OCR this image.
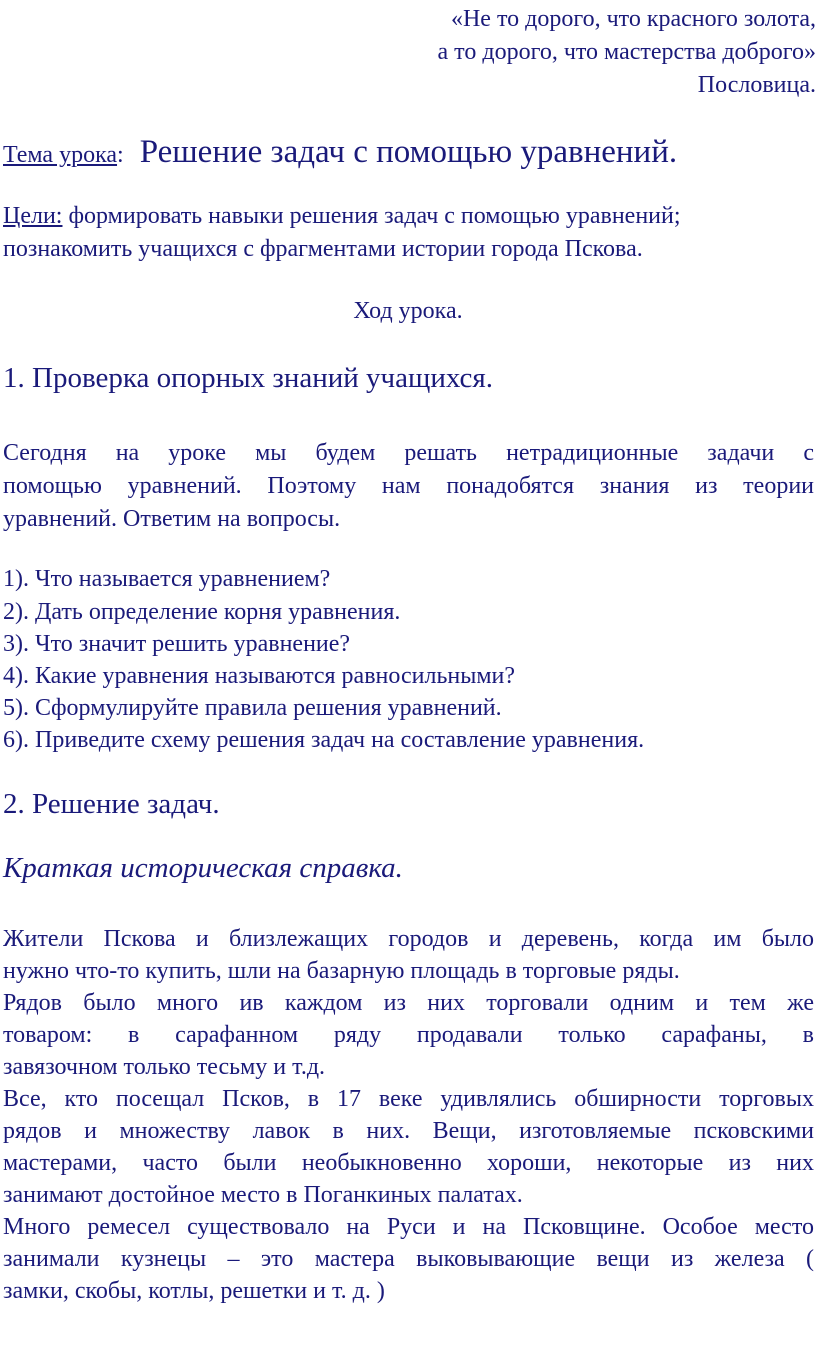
«Не то дорого, что красного золота,
а то дорого, что мастерства доброго»
Пословица.
Тема урока: Решение задач с помощью уравнений.
Цели: формировать навыки решения задач с помощью уравнений;
познакомить учащихся с фрагментами истории города Пскова.
Ход урока.
1. Проверка опорных знаний учащихся.
Сегодня на уроке мы будем решать нетрадиционные задачи с
помощью уравнений. Поэтому нам понадобятся знания из теории
уравнений. Ответим на вопросы.
1). Что называется уравнением?
2). Дать определение корня уравнения.
3). Что значит решить уравнение?
4). Какие уравнения называются равносильными?
5). Сформулируйте правила решения уравнений.
6). Приведите схему решения задач на составление уравнения.
2. Решение задач.
Краткая историческая справка.
Жители Пскова и близлежащих городов и деревень, когда им было
нужно что-то купить, шли на базарную площадь в торговые ряды.
Рядов было много ив каждом из них торговали одним и тем же
товаром: в сарафанном ряду продавали только сарафаны, в
завязочном только тесьму и т.д.
Все, кто посещал Псков, в 17 веке удивлялись обширности торговых
рядов и множеству лавок в них. Вещи, изготовляемые псковскими
мастерами, часто были необыкновенно хороши, некоторые из них
занимают достойное место в Поганкиных палатах.
Много ремесел существовало на Руси и на Псковщине. Особое место
занимали кузнецы – это мастера выковывающие вещи из железа (
замки, скобы, котлы, решетки и т. д. )
